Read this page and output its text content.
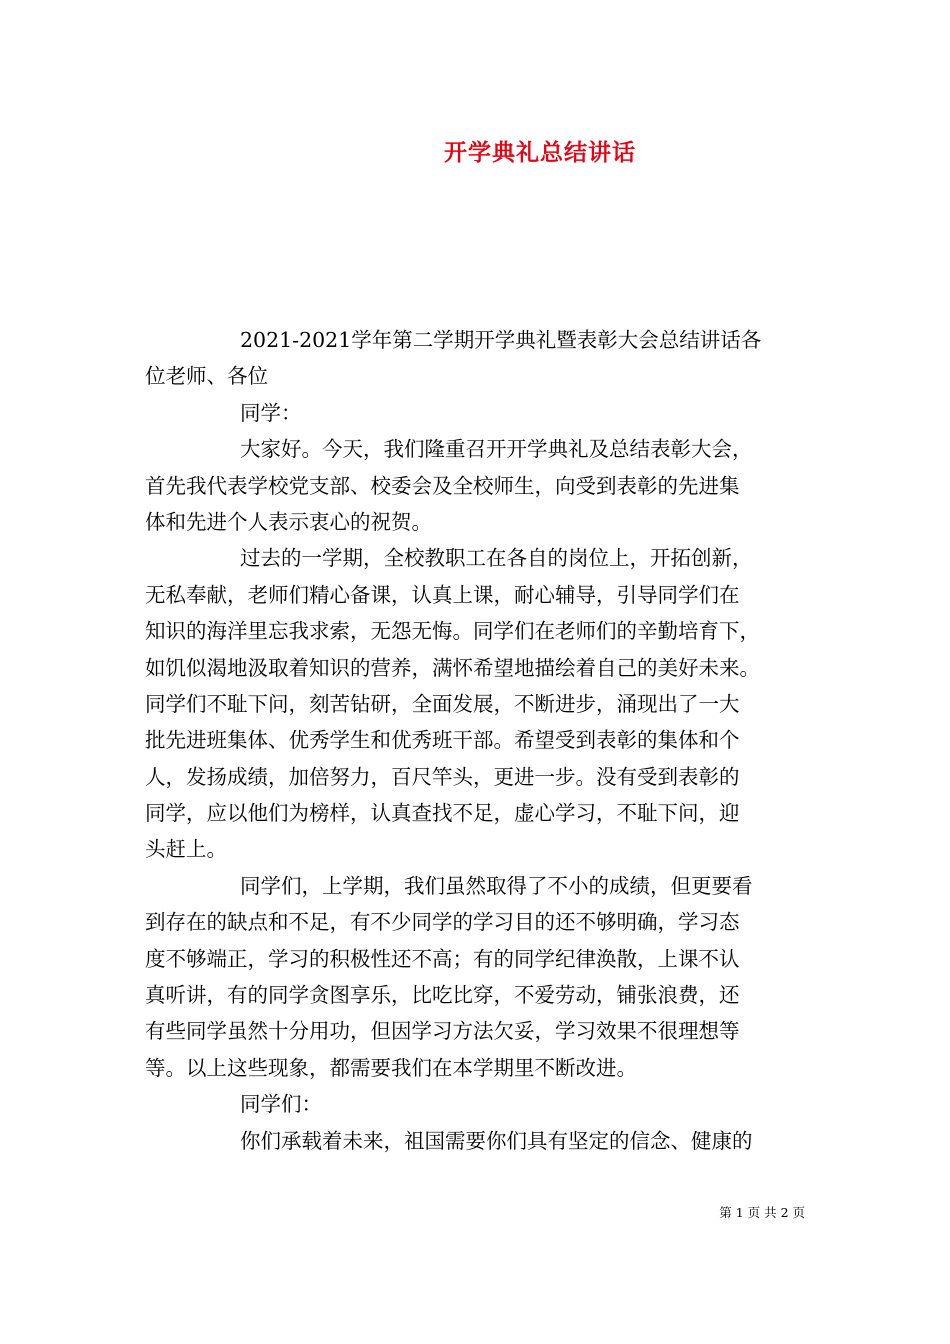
开学典礼总结讲话
2021-2021学年第二学期开学典礼暨表彰大会总结讲话各
位老师、各位
同学：
大家好。今天，我们隆重召开开学典礼及总结表彰大会，
首先我代表学校党支部、校委会及全校师生，向受到表彰的先进集
体和先进个人表示衷心的祝贺。
过去的一学期，全校教职工在各自的岗位上，开拓创新，
无私奉献，老师们精心备课，认真上课，耐心辅导，引导同学们在
知识的海洋里忘我求索，无怨无悔。同学们在老师们的辛勤培育下，
如饥似渴地汲取着知识的营养，满怀希望地描绘着自己的美好未来。
同学们不耻下问，刻苦钻研，全面发展，不断进步，涌现出了一大
批先进班集体、优秀学生和优秀班干部。希望受到表彰的集体和个
人，发扬成绩，加倍努力，百尺竿头，更进一步。没有受到表彰的
同学，应以他们为榜样，认真查找不足，虚心学习，不耻下问，迎
头赶上。
同学们，上学期，我们虽然取得了不小的成绩，但更要看
到存在的缺点和不足，有不少同学的学习目的还不够明确，学习态
度不够端正，学习的积极性还不高；有的同学纪律涣散，上课不认
真听讲，有的同学贪图享乐，比吃比穿，不爱劳动，铺张浪费，还
有些同学虽然十分用功，但因学习方法欠妥，学习效果不很理想等
等。以上这些现象，都需要我们在本学期里不断改进。
同学们：
你们承载着未来，祖国需要你们具有坚定的信念、健康的
第 1 页 共 2 页
